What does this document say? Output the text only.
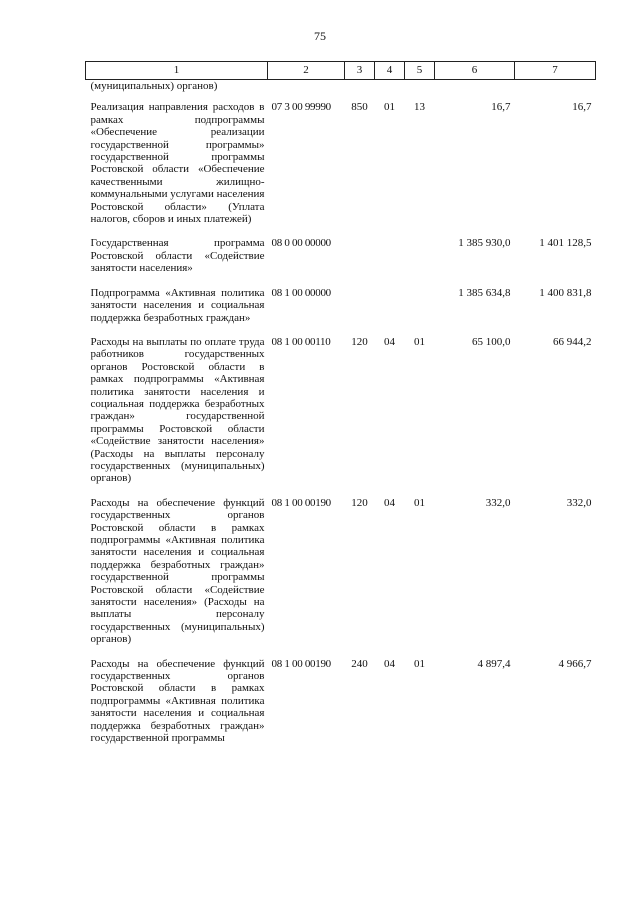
75
1	2	3	4	5	6	7
(муниципальных) органов)						
Реализация направления расходов в рамках подпрограммы «Обеспечение реализации государственной программы» государственной программы Ростовской области «Обеспечение качественными жилищно-коммунальными услугами населения Ростовской области» (Уплата налогов, сборов и иных платежей)	07 3 00 99990	850	01	13	16,7	16,7
Государственная программа Ростовской области «Содействие занятости населения»	08 0 00 00000				1 385 930,0	1 401 128,5
Подпрограмма «Активная политика занятости населения и социальная поддержка безработных граждан»	08 1 00 00000				1 385 634,8	1 400 831,8
Расходы на выплаты по оплате труда работников государственных органов Ростовской области в рамках подпрограммы «Активная политика занятости населения и социальная поддержка безработных граждан» государственной программы Ростовской области «Содействие занятости населения» (Расходы на выплаты персоналу государственных (муниципальных) органов)	08 1 00 00110	120	04	01	65 100,0	66 944,2
Расходы на обеспечение функций государственных органов Ростовской области в рамках подпрограммы «Активная политика занятости населения и социальная поддержка безработных граждан» государственной программы Ростовской области «Содействие занятости населения» (Расходы на выплаты персоналу государственных (муниципальных) органов)	08 1 00 00190	120	04	01	332,0	332,0
Расходы на обеспечение функций государственных органов Ростовской области в рамках подпрограммы «Активная политика занятости населения и социальная поддержка безработных граждан» государственной программы	08 1 00 00190	240	04	01	4 897,4	4 966,7
